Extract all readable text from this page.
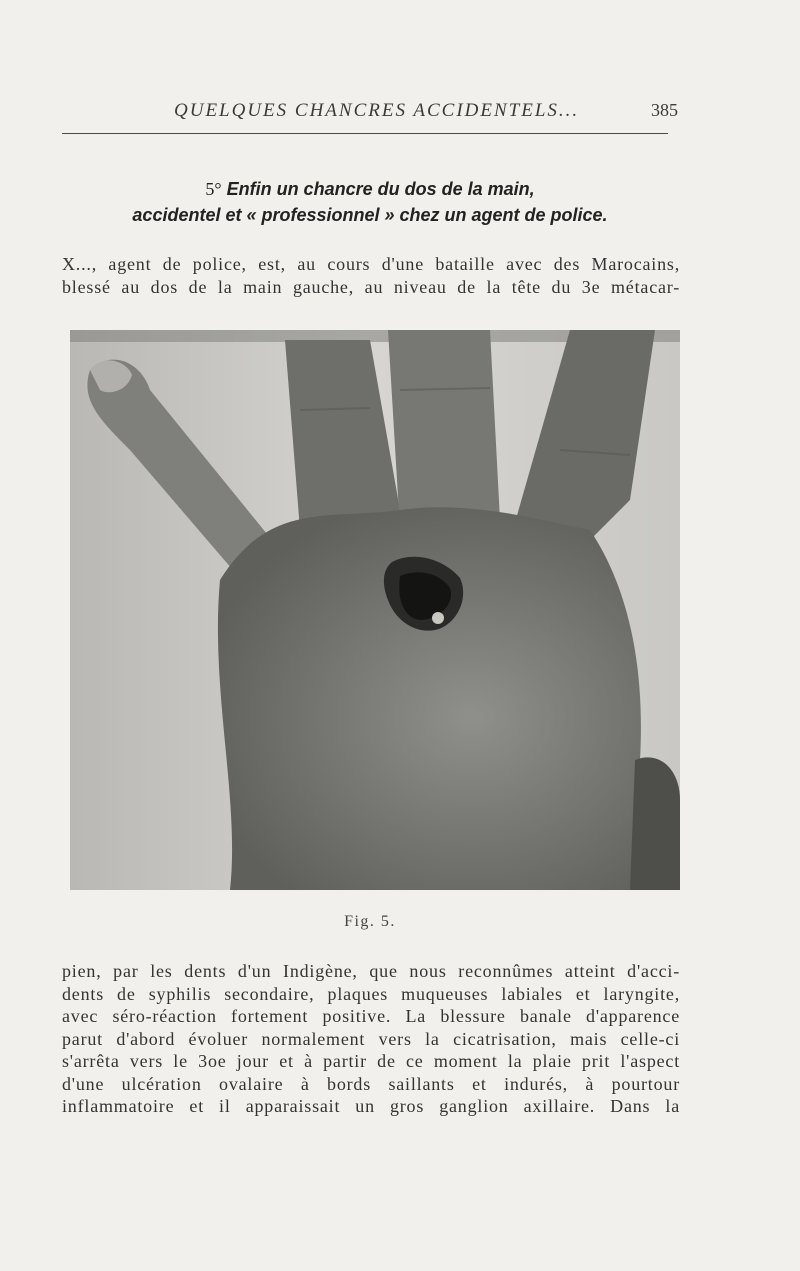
QUELQUES CHANCRES ACCIDENTELS...	385
5° Enfin un chancre du dos de la main,
accidentel et « professionnel » chez un agent de police.
X..., agent de police, est, au cours d'une bataille avec des Marocains,
blessé au dos de la main gauche, au niveau de la tête du 3e métacar-
Fig. 5.
pien, par les dents d'un Indigène, que nous reconnûmes atteint d'acci-
dents de syphilis secondaire, plaques muqueuses labiales et laryngite,
avec séro-réaction fortement positive. La blessure banale d'apparence
parut d'abord évoluer normalement vers la cicatrisation, mais celle-ci
s'arrêta vers le 3oe jour et à partir de ce moment la plaie prit l'aspect
d'une ulcération ovalaire à bords saillants et indurés, à pourtour
inflammatoire et il apparaissait un gros ganglion axillaire. Dans la
